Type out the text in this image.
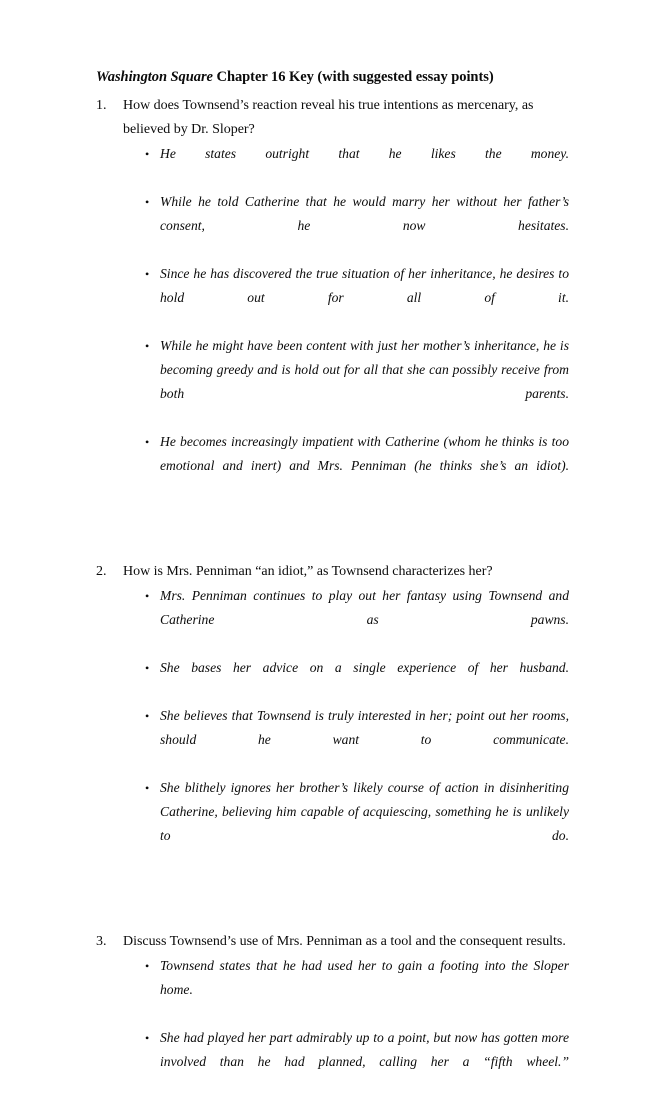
Washington Square Chapter 16 Key (with suggested essay points)
1.	How does Townsend’s reaction reveal his true intentions as mercenary, as believed by Dr. Sloper?
• He states outright that he likes the money.
• While he told Catherine that he would marry her without her father’s consent, he now hesitates.
• Since he has discovered the true situation of her inheritance, he desires to hold out for all of it.
• While he might have been content with just her mother’s inheritance, he is becoming greedy and is hold out for all that she can possibly receive from both parents.
• He becomes increasingly impatient with Catherine (whom he thinks is too emotional and inert) and Mrs. Penniman (he thinks she’s an idiot).
2.	How is Mrs. Penniman “an idiot,” as Townsend characterizes her?
• Mrs. Penniman continues to play out her fantasy using Townsend and Catherine as pawns.
• She bases her advice on a single experience of her husband.
• She believes that Townsend is truly interested in her; point out her rooms, should he want to communicate.
• She blithely ignores her brother’s likely course of action in disinheriting Catherine, believing him capable of acquiescing, something he is unlikely to do.
3.	Discuss Townsend’s use of Mrs. Penniman as a tool and the consequent results.
• Townsend states that he had used her to gain a footing into the Sloper home.
• She had played her part admirably up to a point, but now has gotten more involved than he had planned, calling her a “fifth wheel.”
